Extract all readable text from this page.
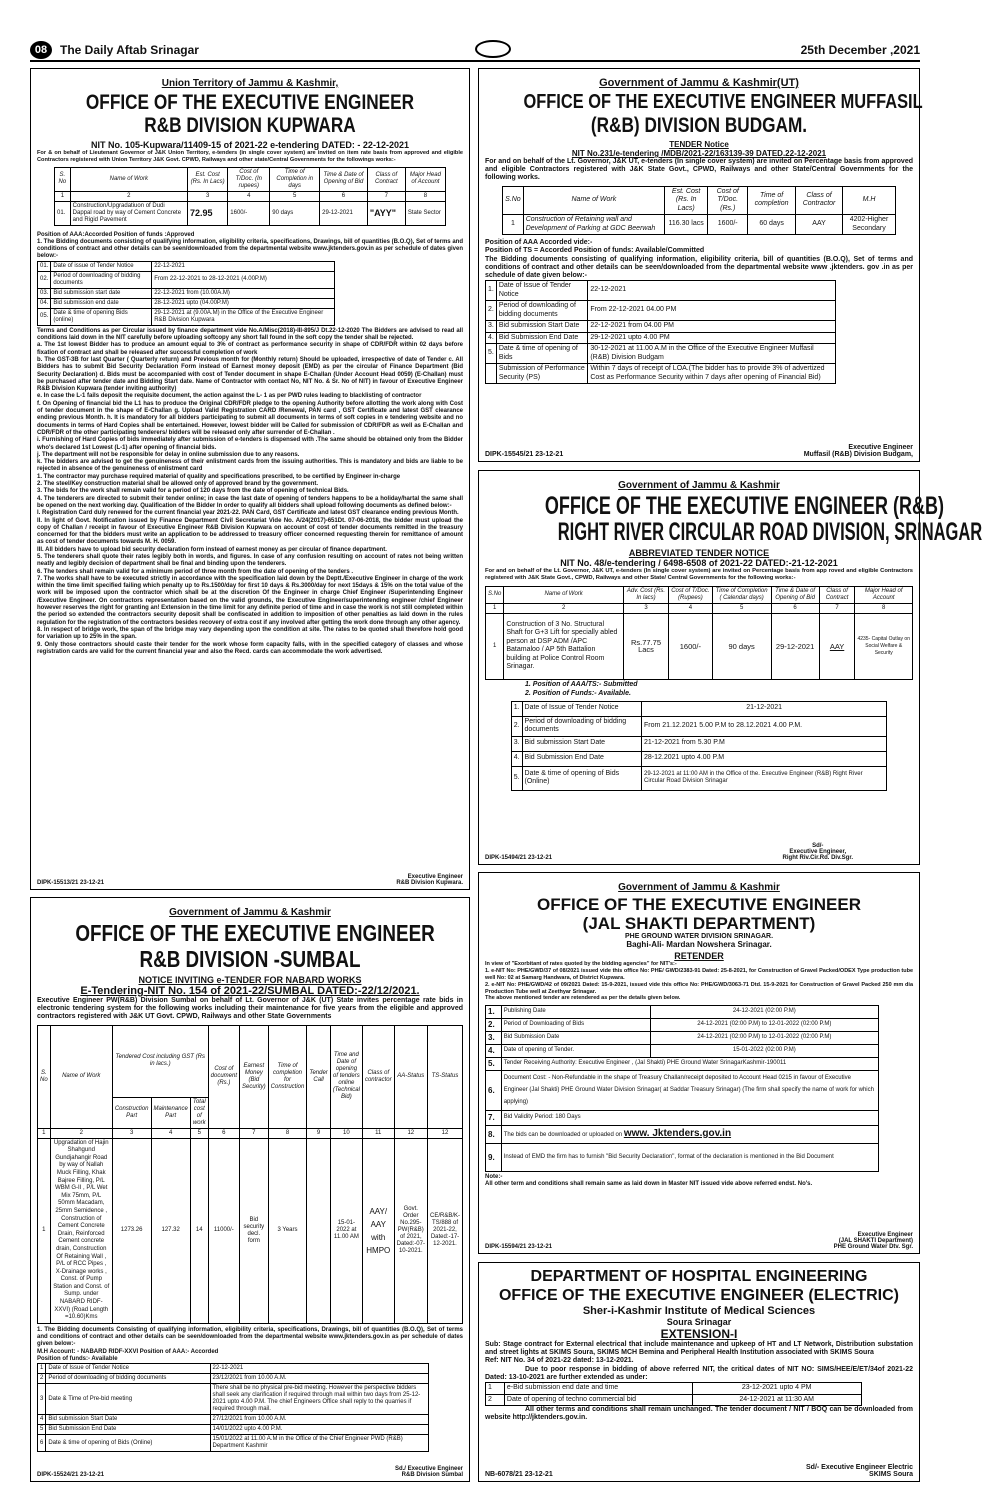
08	The Daily Aftab Srinagar	25th December ,2021
Union Territory of Jammu & Kashmir,
OFFICE OF THE EXECUTIVE ENGINEER
R&B DIVISION KUPWARA
NIT No. 105-Kupwara/11409-15 of 2021-22 e-tendering DATED: - 22-12-2021
For & on behalf of Lieutenant Governor of J&K Union Territory, e-tenders (in single cover system) are invited on item rate basis from approved and eligible Contractors registered with Union Territory J&K Govt. CPWD, Railways and other state/Central Governments for the followings works:-
S. No	Name of Work	Est. Cost (Rs. In Lacs)	Cost of T/Doc. (In rupees)	Time of Completion in days	Time & Date of Opening of Bid	Class of Contract	Major Head of Account
1	2	3	4	5	6	7	8
01.	Construction/Upgradatiuon of Dudi Dappal road by way of Cement Concrete and Rigid Pavement	72.95	1600/-	90 days	29-12-2021	"AYY"	State Sector
Position of AAA:Accorded Position of funds :Approved
1. The Bidding documents consisting of qualifying information, eligibility criteria, specifications, Drawings, bill of quantities (B.O.Q), Set of terms and conditions of contract and other details can be seen/downloaded from the departmental website www.jktenders.gov.in as per schedule of dates given below:-
01.	Date of issue of Tender Notice	22-12-2021
02.	Period of downloading of bidding documents	From 22-12-2021 to 28-12-2021 (4.00P.M)
03.	Bid submission start date	22-12-2021 from (10.00A.M)
04.	Bid submission end date	28-12-2021 upto (04.00P.M)
05.	Date & time of opening Bids (online)	29-12-2021 at (9.00A.M) in the Office of the Executive Engineer R&B Division Kupwara
Terms and Conditions as per Circular issued by finance department vide No.A/Misc(2018)-III-895/J Dt.22-12-2020 The Bidders are advised to read all conditions laid down in the NIT carefully before uploading softcopy any short fall found in the soft copy the tender shall be rejected.
a. The 1st lowest Bidder has to produce an amount equal to 3% of contract as performance security in shape of CDR/FDR within 02 days before fixation of contract and shall be released after successful completion of work
b. The GST-3B for last Quarter ( Quarterly return) and Previous month for (Monthly return) Should be uploaded, irrespective of date of Tender c. All Bidders has to submit Bid Security Declaration Form instead of Earnest money deposit (EMD) as per the circular of Finance Department (Bid Security Declaration) d. Bids must be accompanied with cost of Tender document in shape E-Challan (Under Account Head 0059) (E-Challan) must be purchased after tender date and Bidding Start date. Name of Contractor with contact No, NIT No. & Sr. No of NIT) in favour of Executive Engineer R&B Division Kupwara (tender inviting authority)
e. In case the L-1 fails deposit the requisite document, the action against the L- 1 as per PWD rules leading to blacklisting of contractor
f. On Opening of financial bid the L1 has to produce the Original CDR/FDR pledge to the opening Authority before allotting the work along with Cost of tender document in the shape of E-Challan g. Upload Valid Registration CARD /Renewal, PAN card , GST Certificate and latest GST clearance ending previous Month. h. It is mandatory for all bidders participating to submit all documents in terms of soft copies in e tendering website and no documents in terms of Hard Copies shall be entertained. However, lowest bidder will be Called for submission of CDR/FDR as well as E-Challan and CDR/FDR of the other participating tenderers/ bidders will be released only after surrender of E-Challan .
i. Furnishing of Hard Copies of bids immediately after submission of e-tenders is dispensed with .The same should be obtained only from the Bidder who's declared 1st Lowest (L-1) after opening of financial bids.
j. The department will not be responsible for delay in online submission due to any reasons.
k. The bidders are advised to get the genuineness of their enlistment cards from the issuing authorities. This is mandatory and bids are liable to be rejected in absence of the genuineness of enlistment card
1. The contractor may purchase required material of quality and specifications prescribed, to be certified by Engineer in-charge
2. The steel/Key construction material shall be allowed only of approved brand by the government.
3. The bids for the work shall remain valid for a period of 120 days from the date of opening of technical Bids.
4. The tenderers are directed to submit their tender online; in case the last date of opening of tenders happens to be a holiday/hartal the same shall be opened on the next working day. Qualification of the Bidder In order to qualify all bidders shall upload following documents as defined below:-
I. Registration Card duly renewed for the current financial year 2021-22. PAN Card, GST Certificate and latest GST clearance ending previous Month.
II. In light of Govt. Notification issued by Finance Department Civil Secretariat Vide No. A/24(2017)-651Dt. 07-06-2018, the bidder must upload the copy of Challan / receipt in favour of Executive Engineer R&B Division Kupwara on account of cost of tender documents remitted in the treasury concerned for that the bidders must write an application to be addressed to treasury officer concerned requesting therein for remittance of amount as cost of tender documents towards M. H. 0059.
III. All bidders have to upload bid security declaration form instead of earnest money as per circular of finance department.
5. The tenderers shall quote their rates legibly both in words, and figures. In case of any confusion resulting on account of rates not being written neatly and legibly decision of department shall be final and binding upon the tenderers.
6. The tenders shall remain valid for a minimum period of three month from the date of opening of the tenders .
7. The works shall have to be executed strictly in accordance with the specification laid down by the Deptt./Executive Engineer in charge of the work within the time limit specified failing which penalty up to Rs.1500/day for first 10 days & Rs.3000/day for next 15days & 15% on the total value of the work will be imposed upon the contractor which shall be at the discretion Of the Engineer in charge Chief Engineer /Superintending Engineer /Executive Engineer. On contractors representation based on the valid grounds, the Executive Engineer/superintending engineer /chief Engineer however reserves the right for granting an! Extension in the time limit for any definite period of time and in case the work is not still completed within the period so extended the contractors security deposit shall be confiscated in addition to imposition of other penalties as laid down in the rules regulation for the registration of the contractors besides recovery of extra cost if any involved after getting the work done through any other agency.
8. In respect of bridge work, the span of the bridge may vary depending upon the condition at site. The rates to be quoted shall therefore hold good for variation up to 25% in the span.
9. Only those contractors should caste their tender for the work whose form capacity falls, with in the specified category of classes and whose registration cards are valid for the current financial year and also the Recd. cards can accommodate the work advertised.
DIPK-15513/21 23-12-21
Executive Engineer
R&B Division Kupwara.
Government of Jammu & Kashmir(UT)
OFFICE OF THE EXECUTIVE ENGINEER MUFFASIL
(R&B) DIVISION BUDGAM.
TENDER Notice
NIT No.231/e-tendering /MDB/2021-22/163139-39 DATED.22-12-2021
For and on behalf of the Lt. Governor, J&K UT, e-tenders (In single cover system) are invited on Percentage basis from approved and eligible Contractors registered with J&K State Govt., CPWD, Railways and other State/Central Governments for the following works.
S.No	Name of Work	Est. Cost (Rs. In Lacs)	Cost of T/Doc. (Rs.)	Time of completion	Class of Contractor	M.H
1	Construction of Retaining wall and Development of Parking at GDC Beerwah	116.30 lacs	1600/-	60 days	AAY	4202-Higher Secondary
Position of AAA Accorded vide:-
Position of TS = Accorded Position of funds: Available/Committed
The Bidding documents consisting of qualifying information, eligibility criteria, bill of quantities (B.O.Q), Set of terms and conditions of contract and other details can be seen/downloaded from the departmental website www .jktenders. gov .in as per schedule of date given below:-
1.	Date of Issue of Tender Notice	22-12-2021
2.	Period of downloading of bidding documents	From 22-12-2021 04.00 PM
3.	Bid submission Start Date	22-12-2021 from 04.00 PM
4.	Bid Submission End Date	29-12-2021 upto 4.00 PM
5.	Date & time of opening of Bids	30-12-2021 at 11.00 A.M in the Office of the Executive Engineer Muffasil (R&B) Division Budgam
	Submission of Performance Security (PS)	Within 7 days of receipt of LOA.(The bidder has to provide 3% of advertized Cost as Performance Security within 7 days after opening of Financial Bid)
DIPK-15545/21 23-12-21
Executive Engineer
Muffasil (R&B) Division Budgam,
Government of Jammu & Kashmir
OFFICE OF THE EXECUTIVE ENGINEER (R&B)
RIGHT RIVER CIRCULAR ROAD DIVISION, SRINAGAR
ABBREVIATED TENDER NOTICE
NIT No. 48/e-tendering / 6498-6508 of 2021-22 DATED:-21-12-2021
For and on behalf of the Lt. Governor, J&K UT, e-tenders (In single cover system) are invited on Percentage basis from app roved and eligible Contractors registered with J&K State Govt., CPWD, Railways and other State/ Central Governments for the following works:-
S.No	Name of Work	Adv. Cost (Rs. In lacs)	Cost of T/Doc. (Rupees)	Time of Completion ( Calendar days)	Time & Date of Opening of Bid	Class of Contract	Major Head of Account
1	2	3	4	5	6	7	8
1	Construction of 3 No. Structural Shaft for G+3 Lift for specially abled person at DSP ADM /APC Batamaloo / AP 5th Battalion building at Police Control Room Srinagar.	Rs.77.75 Lacs	1600/-	90 days	29-12-2021	AAY	4235- Capital Outlay on Social Welfare & Security
1. Position of AAA/TS:- Submitted
2. Position of Funds:- Available.
1.	Date of Issue of Tender Notice	21-12-2021
2.	Period of downloading of bidding documents	From 21.12.2021 5.00 P.M to 28.12.2021 4.00 P.M.
3.	Bid submission Start Date	21-12-2021 from 5.30 P.M
4.	Bid Submission End Date	28-12.2021 upto 4.00 P.M
5.	Date & time of opening of Bids (Online)	29-12-2021 at 11:00 AM in the Office of the. Executive Engineer (R&B) Right River Circular Road Division Srinagar
DIPK-15494/21 23-12-21
Sd/-
Executive Engineer,
Right Riv.Cir.Rd. Div.Sgr.
Government of Jammu & Kashmir
OFFICE OF THE EXECUTIVE ENGINEER
R&B DIVISION -SUMBAL
NOTICE INVITING e-TENDER FOR NABARD WORKS
E-Tendering-NIT No. 154 of 2021-22/SUMBAL DATED:-22/12/2021.
Executive Engineer PW(R&B) Division Sumbal on behalf of Lt. Governor of J&K (UT) State invites percentage rate bids in electronic tendering system for the following works including their maintenance for five years from the eligible and approved contractors registered with J&K UT Govt. CPWD, Railways and other State Governments
S. No	Name of Work	Tendered Cost including GST (Rs in lacs.)			Cost of document (Rs.)	Earnest Money (Bid Security)	Time of completion for Construction	Tender Call	Time and Date of opening of tenders online (Technical Bid)	Class of contractor	AA-Status	TS-Status
		Construction Part	Maintenance Part	Total cost of work								
1	2	3	4	5	6	7	8	9	10	11	12	12
1	Upgradation of Hajin Shahgund Gundjahangir Road by way of Nallah Muck Filling, Khak Bajree Filling, P/L WBM G-II , P/L Wet Mix 75mm, P/L 50mm Macadam, 25mm Semidence , Construction of Cement Concrete Drain, Reinforced Cement concrete drain, Construction Of Retaining Wall , P/L of RCC Pipes , X-Drainage works , Const. of Pump Station and Const. of Sump. under NABARD RIDF-XXVI) (Road Length =10.60)Kms	1273.26	127.32	14	11000/-	Bid security decl. form	3 Years		15-01-2022 at 11.00 AM	AAY/ AAY with HMPO	Govt. Order No.295-PW(R&B) of 2021, Dated:-07-10-2021.	CE/R&B/K-TS/888 of 2021-22, Dated:-17-12-2021.
1. The Bidding documents Consisting of qualifying information, eligibility criteria, specifications, Drawings, bill of quantities (B.O.Q), Set of terms and conditions of contract and other details can be seen/downloaded from the departmental website www.jktenders.gov.in as per schedule of dates given below:-
M.H Account: - NABARD RIDF-XXVI Position of AAA:- Accorded
Position of funds:- Available
1	Date of Issue of Tender Notice	22-12-2021
2	Period of downloading of bidding documents	23/12/2021 from 10.00 A.M.
3	Date & Time of Pre-bid meeting	There shall be no physical pre-bid meeting. However the perspective bidders shall seek any clarification if required through mail within two days from 25-12-2021 upto 4.00 P.M. The chief Engineers Office shall reply to the quarries if required through mail.
4	Bid submission Start Date	27/12/2021 from 10.00 A.M.
5	Bid Submission End Date	14/01/2022 upto 4.00 P.M.
6	Date & time of opening of Bids (Online)	15/01/2022 at 11.00 A.M in the Office of the Chief Engineer PWD (R&B) Department Kashmir
DIPK-15524/21 23-12-21
Sd./ Executive Engineer
R&B Division Sumbal
Government of Jammu & Kashmir
OFFICE OF THE EXECUTIVE ENGINEER
(JAL SHAKTI DEPARTMENT)
PHE GROUND WATER DIVISION SRINAGAR.
Baghi-Ali- Mardan Nowshera Srinagar.
RETENDER
In view of "Exorbitant of rates quoted by the bidding agencies" for NIT's:-
1. e-NIT No: PHE/GWD/37 of 08/2021 issued vide this office No: PHE/ GWD/2383-91 Dated: 25-8-2021, for Construction of Gravel Packed/ODEX Type production tube well No: 02 at Samarg Handwara, of District Kupwara.
2. e-NIT No: PHE/GWD/42 of 09/2021 Dated: 15-9-2021, issued vide this office No: PHE/GWD/3063-71 Dtd. 15-9-2021 for Construction of Gravel Packed 250 mm dia Production Tube well at Zeethyar Srinagar.
The above mentioned tender are retendered as per the details given below.
1.	Publishing Date	24-12-2021 (02:00 P.M)
2.	Period of Downloading of Bids	24-12-2021 (02:00 P.M) to 12-01-2022 (02:00 P.M)
3.	Bid Submission Date	24-12-2021 (02:00 P.M) to 12-01-2022 (02:00 P.M)
4.	Date of opening of Tender.	15-01-2022 (02:00 P.M)
5.	Tender Receiving Authority: Executive Engineer , (Jal Shakti) PHE Ground Water SrinagarKashmir-190011	
6.	Document Cost: - Non-Refundable in the shape of Treasury Challan/receipt deposited to Account Head 0215 in favour of Executive Engineer (Jal Shakti) PHE Ground Water Division Srinagar( at Saddar Treasury Srinagar) (The firm shall specify the name of work for which applying)	
7.	Bid Validity Period: 180 Days	
8.	The bids can be downloaded or uploaded on www. Jktenders.gov.in	
9.	Instead of EMD the firm has to furnish "Bid Security Declaration", format of the declaration is mentioned in the Bid Document	
Note:-
All other term and conditions shall remain same as laid down in Master NIT issued vide above referred endst. No's.
DIPK-15594/21 23-12-21
Executive Engineer
(JAL SHAKTI Department)
PHE Ground Water Dtv. Sgr.
DEPARTMENT OF HOSPITAL ENGINEERING
OFFICE OF THE EXECUTIVE ENGINEER (ELECTRIC)
Sher-i-Kashmir Institute of Medical Sciences
Soura Srinagar
EXTENSION-I
Sub: Stage contract for External electrical that include maintenance and upkeep of HT and LT Network, Distribution substation and street lights at SKIMS Soura, SKIMS MCH Bemina and Peripheral Health Institution associated with SKIMS Soura
Ref: NIT No. 34 of 2021-22 dated: 13-12-2021.
Due to poor response in bidding of above referred NIT, the critical dates of NIT NO: SIMS/HEE/E/ET/34of 2021-22 Dated: 13-10-2021 are further extended as under:
1	e-Bid submission end date and time	23-12-2021 upto 4 PM
2	Date of opening of techno commercial bid	24-12-2021 at 11:30 AM
All other terms and conditions shall remain unchanged. The tender document / NIT / BOQ can be downloaded from website http://jktenders.gov.in.
NB-6078/21 23-12-21
Sd/- Executive Engineer Electric
SKIMS Soura
